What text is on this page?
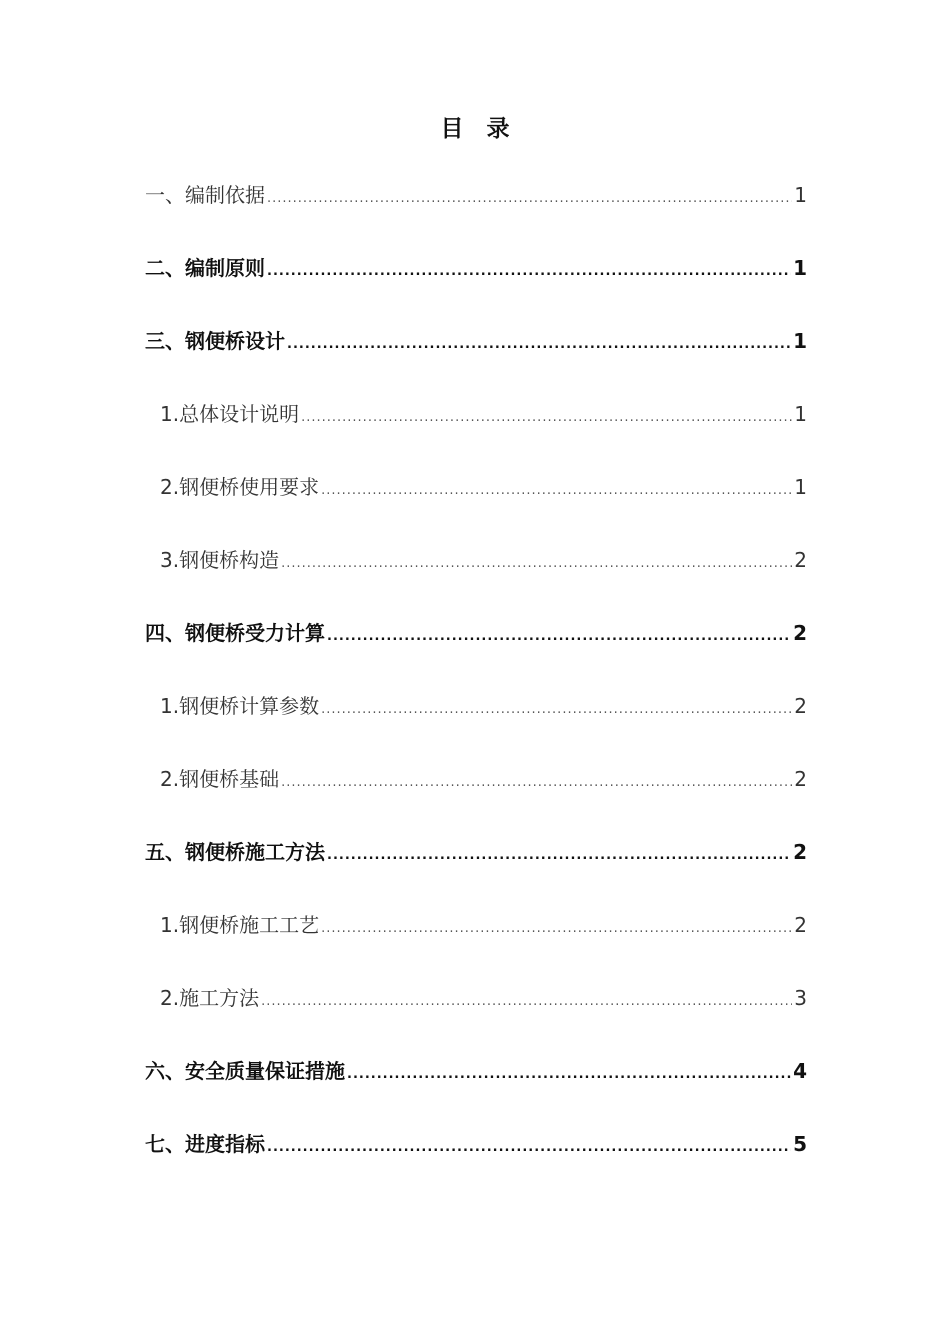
目　录
一、编制依据 .....	1
二、编制原则 .....	1
三、钢便桥设计 .....	1
1.总体设计说明 .....	1
2.钢便桥使用要求 .....	1
3.钢便桥构造 .....	2
四、钢便桥受力计算 .....	2
1.钢便桥计算参数 .....	2
2.钢便桥基础 .....	2
五、钢便桥施工方法 .....	2
1.钢便桥施工工艺 .....	2
2.施工方法 .....	3
六、安全质量保证措施 .....	4
七、进度指标 .....	5
